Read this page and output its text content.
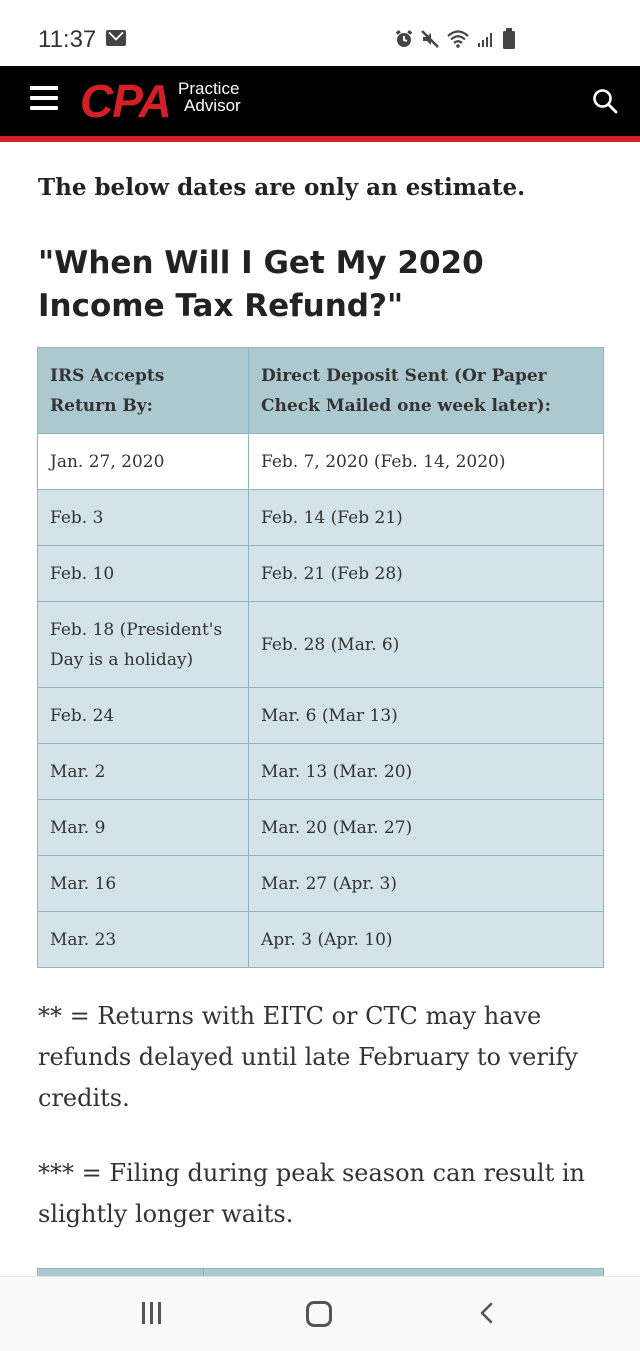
11:37
CPA Practice
Advisor
The below dates are only an estimate.
"When Will I Get My 2020 Income Tax Refund?"
IRS Accepts Return By:	Direct Deposit Sent (Or Paper Check Mailed one week later):
Jan. 27, 2020	Feb. 7, 2020 (Feb. 14, 2020)
Feb. 3	Feb. 14 (Feb 21)
Feb. 10	Feb. 21 (Feb 28)
Feb. 18 (President's Day is a holiday)	Feb. 28 (Mar. 6)
Feb. 24	Mar. 6 (Mar 13)
Mar. 2	Mar. 13 (Mar. 20)
Mar. 9	Mar. 20 (Mar. 27)
Mar. 16	Mar. 27 (Apr. 3)
Mar. 23	Apr. 3 (Apr. 10)

** = Returns with EITC or CTC may have refunds delayed until late February to verify credits.

*** = Filing during peak season can result in slightly longer waits.
